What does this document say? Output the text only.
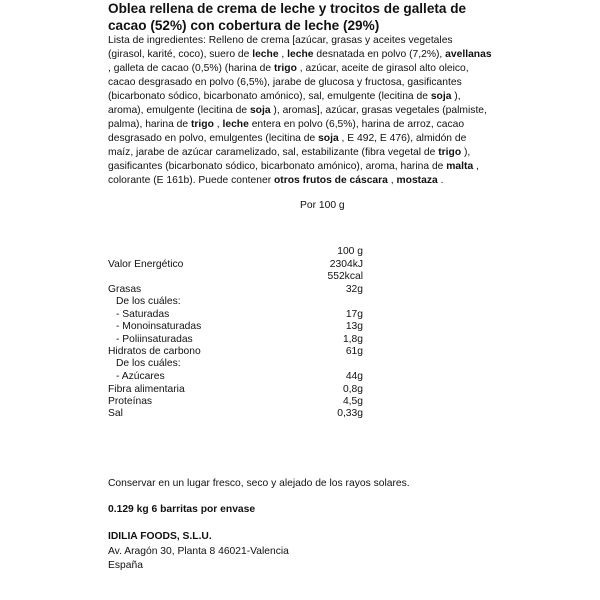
Oblea rellena de crema de leche y trocitos de galleta de cacao (52%) con cobertura de leche (29%)
Lista de ingredientes: Relleno de crema [azúcar, grasas y aceites vegetales (girasol, karité, coco), suero de leche , leche desnatada en polvo (7,2%), avellanas , galleta de cacao (0,5%) (harina de trigo , azúcar, aceite de girasol alto oleico, cacao desgrasado en polvo (6,5%), jarabe de glucosa y fructosa, gasificantes (bicarbonato sódico, bicarbonato amónico), sal, emulgente (lecitina de soja ), aroma), emulgente (lecitina de soja ), aromas], azúcar, grasas vegetales (palmiste, palma), harina de trigo , leche entera en polvo (6,5%), harina de arroz, cacao desgrasado en polvo, emulgentes (lecitina de soja , E 492, E 476), almidón de maíz, jarabe de azúcar caramelizado, sal, estabilizante (fibra vegetal de trigo ), gasificantes (bicarbonato sódico, bicarbonato amónico), aroma, harina de malta , colorante (E 161b). Puede contener otros frutos de cáscara , mostaza .
Por 100 g
100 g
Valor Energético	2304kJ
552kcal
Grasas	32g
De los cuáles:
- Saturadas	17g
- Monoinsaturadas	13g
- Poliinsaturadas	1,8g
Hidratos de carbono	61g
De los cuáles:
- Azúcares	44g
Fibra alimentaria	0,8g
Proteínas	4,5g
Sal	0,33g
Conservar en un lugar fresco, seco y alejado de los rayos solares.
0.129 kg 6 barritas por envase
IDILIA FOODS, S.L.U.
Av. Aragón 30, Planta 8 46021-Valencia
España
